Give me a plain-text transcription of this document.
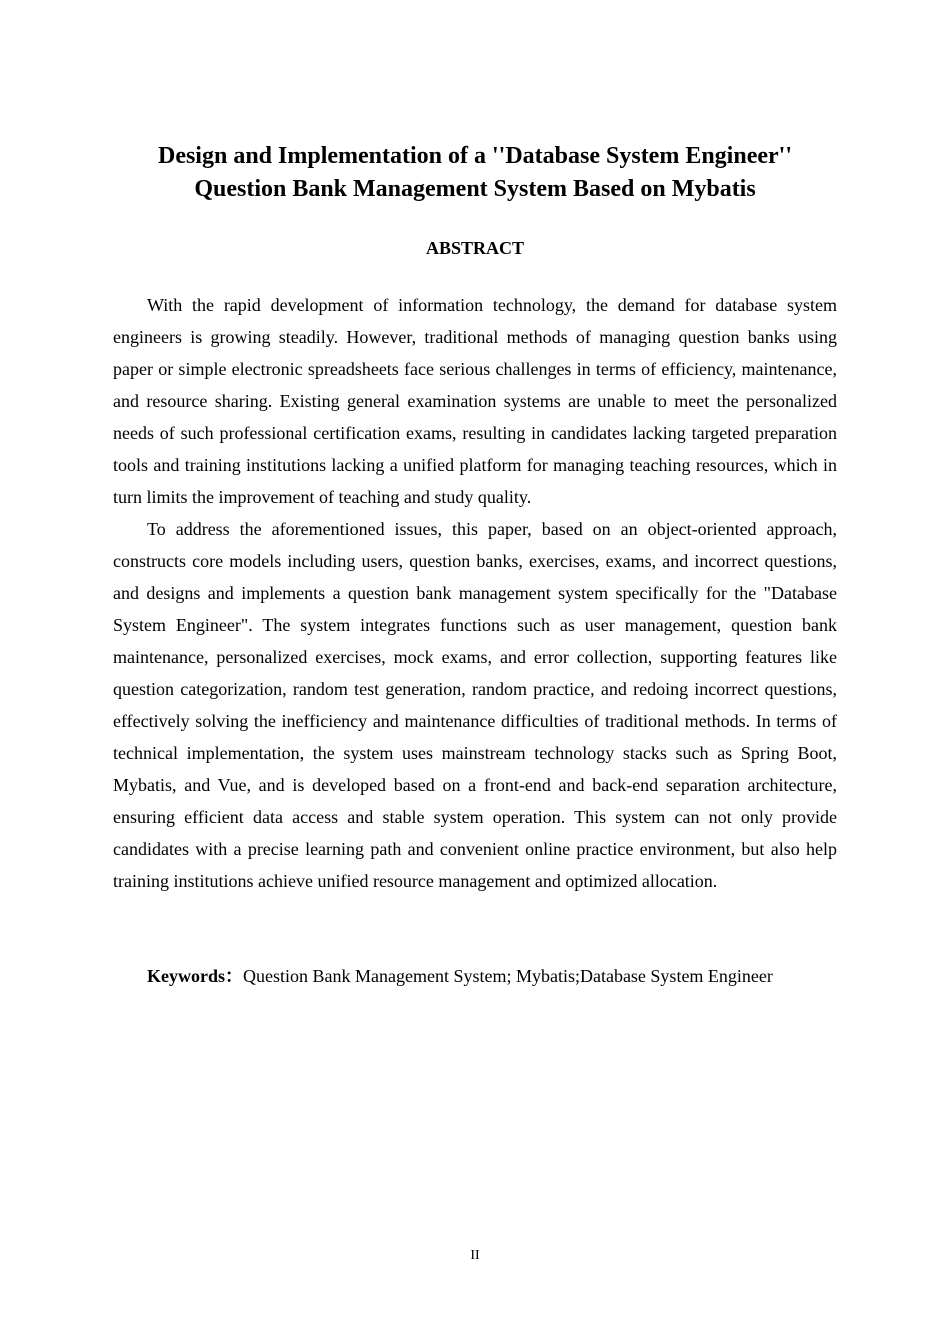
Design and Implementation of a ''Database System Engineer''
Question Bank Management System Based on Mybatis
ABSTRACT

With the rapid development of information technology, the demand for database system engineers is growing steadily. However, traditional methods of managing question banks using paper or simple electronic spreadsheets face serious challenges in terms of efficiency, maintenance, and resource sharing. Existing general examination systems are unable to meet the personalized needs of such professional certification exams, resulting in candidates lacking targeted preparation tools and training institutions lacking a unified platform for managing teaching resources, which in turn limits the improvement of teaching and study quality.

To address the aforementioned issues, this paper, based on an object-oriented approach, constructs core models including users, question banks, exercises, exams, and incorrect questions, and designs and implements a question bank management system specifically for the "Database System Engineer". The system integrates functions such as user management, question bank maintenance, personalized exercises, mock exams, and error collection, supporting features like question categorization, random test generation, random practice, and redoing incorrect questions, effectively solving the inefficiency and maintenance difficulties of traditional methods. In terms of technical implementation, the system uses mainstream technology stacks such as Spring Boot, Mybatis, and Vue, and is developed based on a front-end and back-end separation architecture, ensuring efficient data access and stable system operation. This system can not only provide candidates with a precise learning path and convenient online practice environment, but also help training institutions achieve unified resource management and optimized allocation.

Keywords：Question Bank Management System; Mybatis;Database System Engineer
II
